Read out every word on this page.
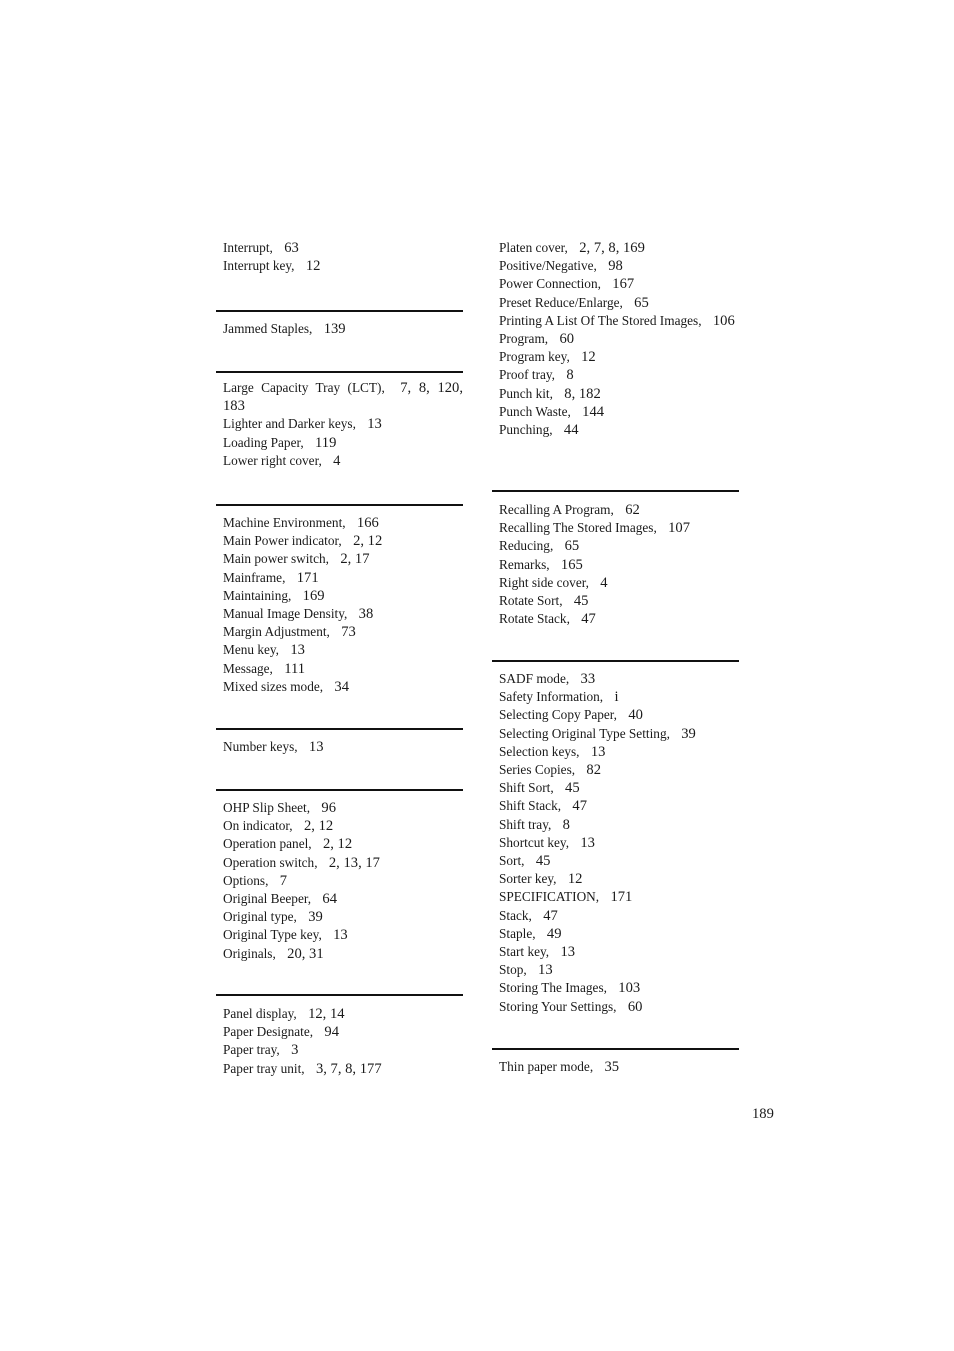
Interrupt, 63
Interrupt key, 12
Jammed Staples, 139
Large Capacity Tray (LCT), 7, 8, 120, 183
Lighter and Darker keys, 13
Loading Paper, 119
Lower right cover, 4
Machine Environment, 166
Main Power indicator, 2, 12
Main power switch, 2, 17
Mainframe, 171
Maintaining, 169
Manual Image Density, 38
Margin Adjustment, 73
Menu key, 13
Message, 111
Mixed sizes mode, 34
Number keys, 13
OHP Slip Sheet, 96
On indicator, 2, 12
Operation panel, 2, 12
Operation switch, 2, 13, 17
Options, 7
Original Beeper, 64
Original type, 39
Original Type key, 13
Originals, 20, 31
Panel display, 12, 14
Paper Designate, 94
Paper tray, 3
Paper tray unit, 3, 7, 8, 177
Platen cover, 2, 7, 8, 169
Positive/Negative, 98
Power Connection, 167
Preset Reduce/Enlarge, 65
Printing A List Of The Stored Images, 106
Program, 60
Program key, 12
Proof tray, 8
Punch kit, 8, 182
Punch Waste, 144
Punching, 44
Recalling A Program, 62
Recalling The Stored Images, 107
Reducing, 65
Remarks, 165
Right side cover, 4
Rotate Sort, 45
Rotate Stack, 47
SADF mode, 33
Safety Information, i
Selecting Copy Paper, 40
Selecting Original Type Setting, 39
Selection keys, 13
Series Copies, 82
Shift Sort, 45
Shift Stack, 47
Shift tray, 8
Shortcut key, 13
Sort, 45
Sorter key, 12
SPECIFICATION, 171
Stack, 47
Staple, 49
Start key, 13
Stop, 13
Storing The Images, 103
Storing Your Settings, 60
Thin paper mode, 35
189
